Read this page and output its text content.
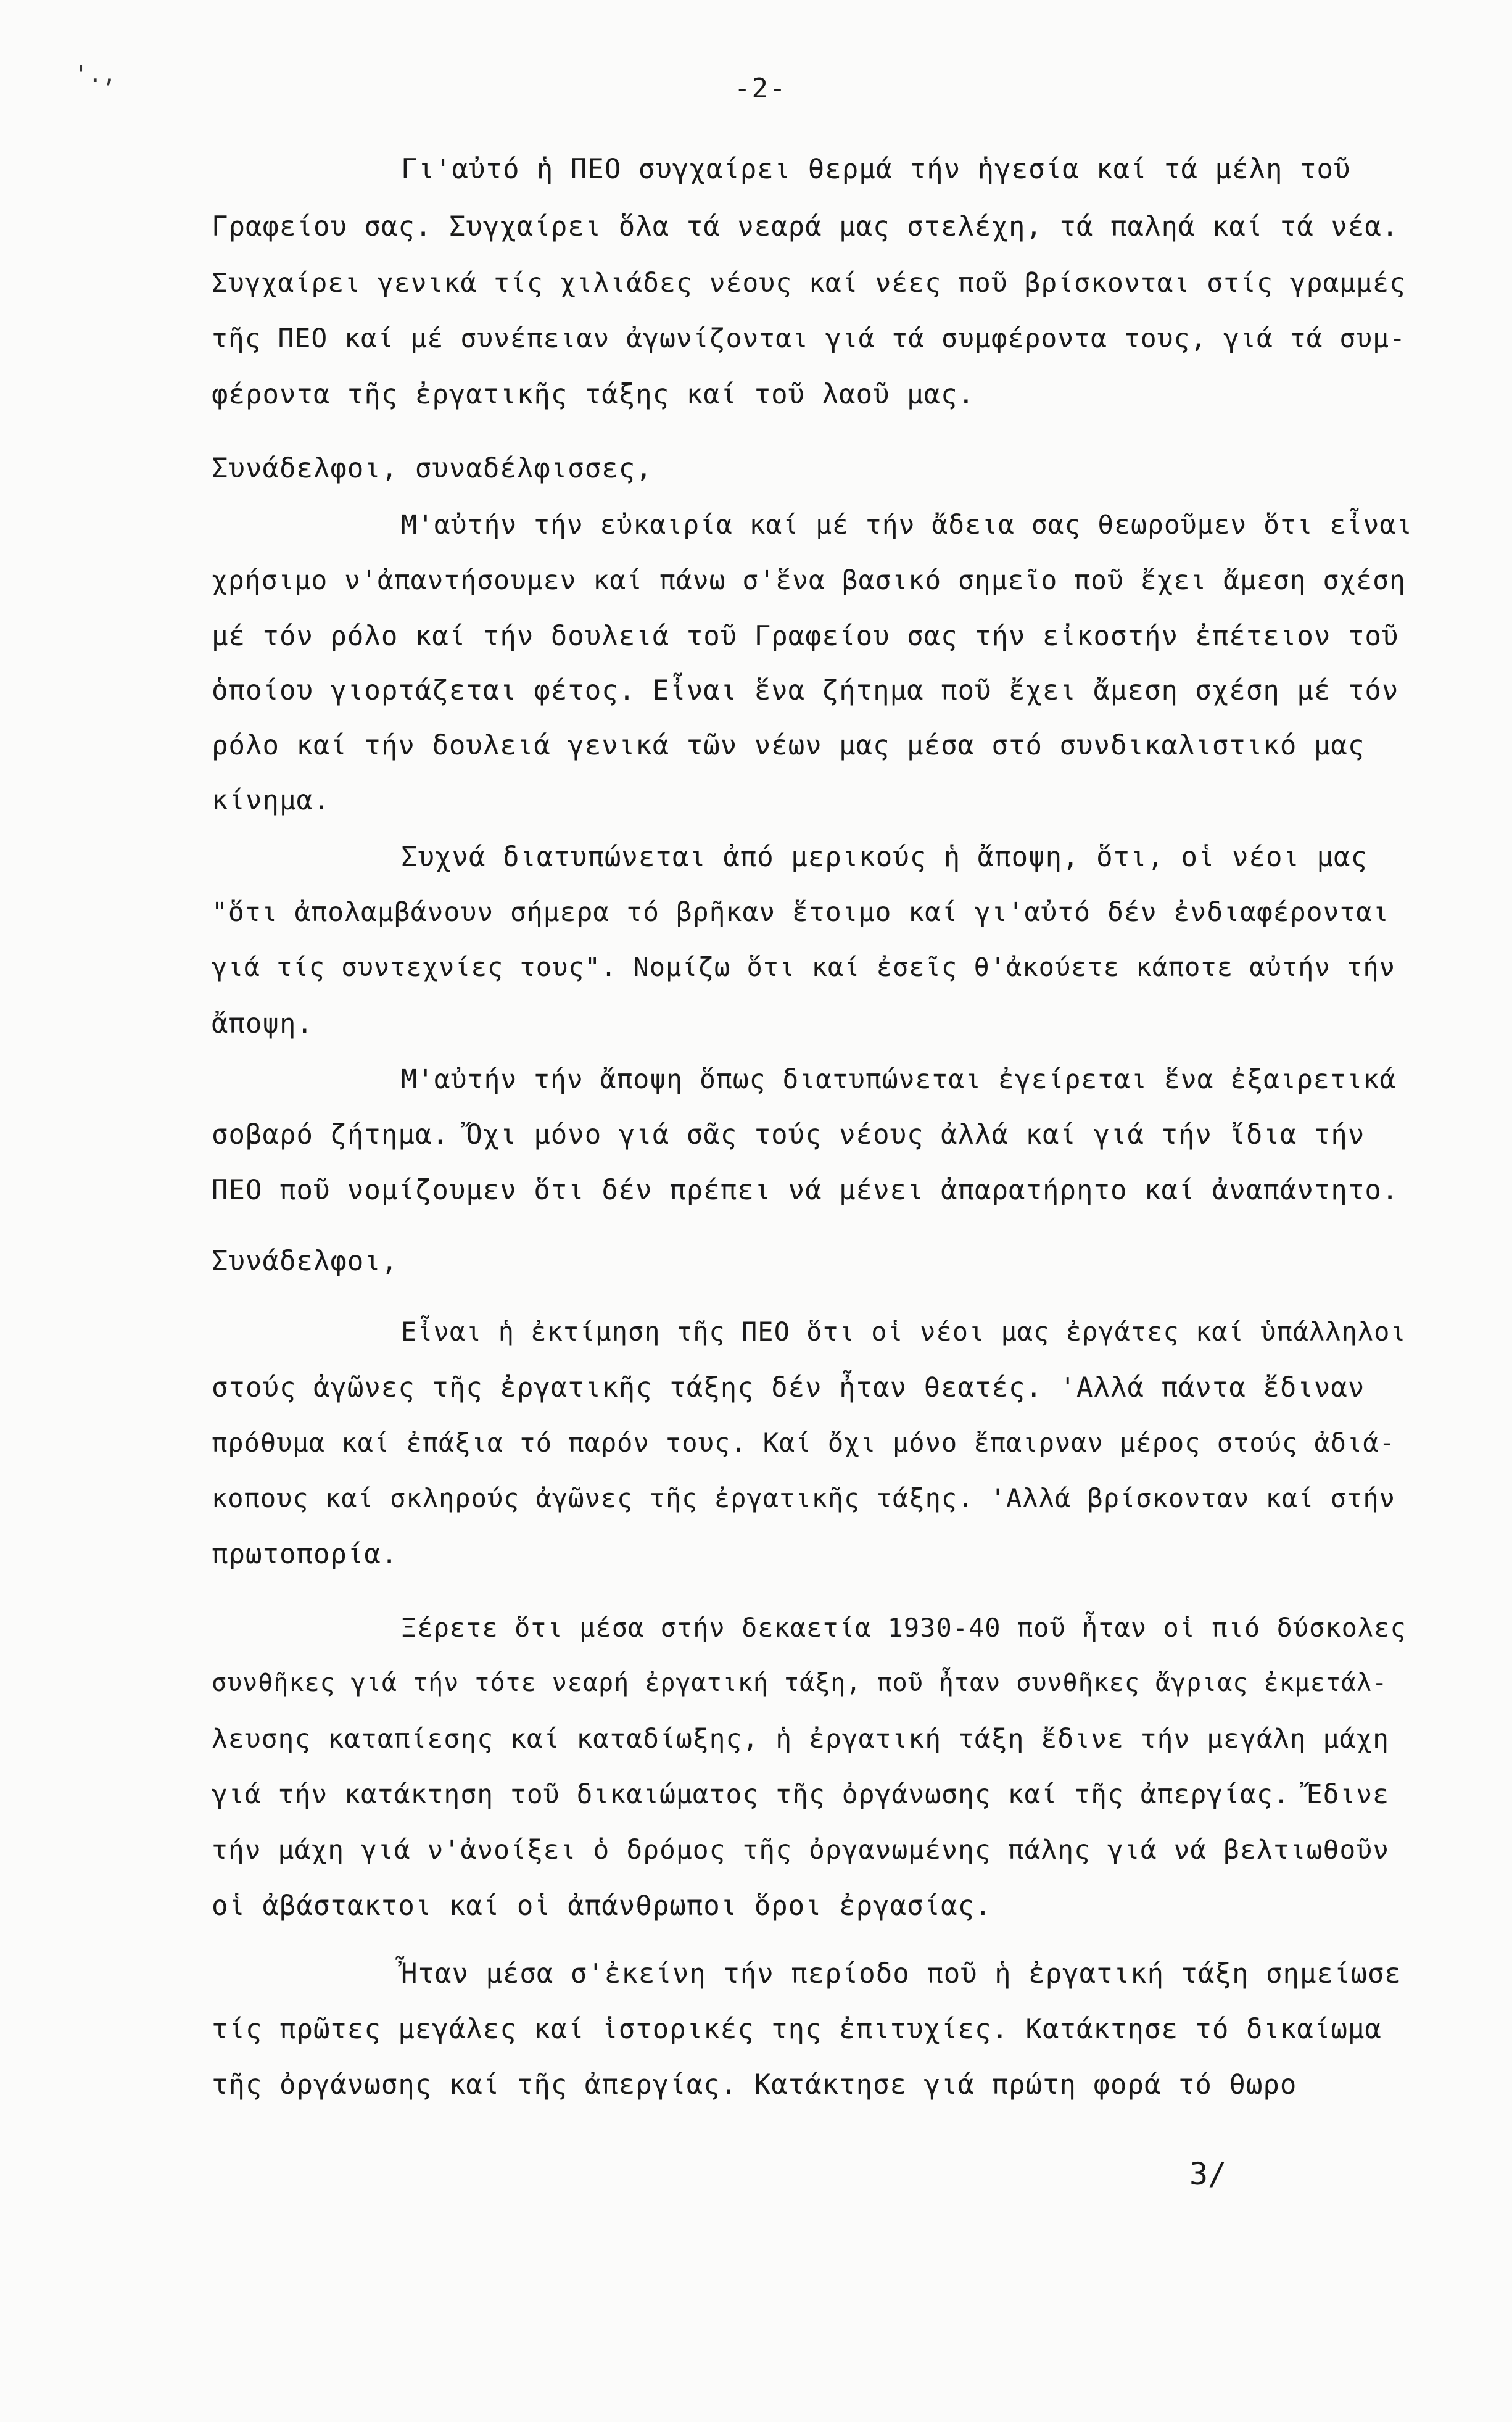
'.,	-2-
Γι'αὐτό ἡ ΠΕΟ συγχαίρει θερμά τήν ἡγεσία καί τά μέλη τοῦ
Γραφείου σας. Συγχαίρει ὅλα τά νεαρά μας στελέχη, τά παληά καί τά νέα.
Συγχαίρει γενικά τίς χιλιάδες νέους καί νέες ποῦ βρίσκονται στίς γραμμές
τῆς ΠΕΟ καί μέ συνέπειαν ἀγωνίζονται γιά τά συμφέροντα τους, γιά τά συμ-
φέροντα τῆς ἐργατικῆς τάξης καί τοῦ λαοῦ μας.
Συνάδελφοι, συναδέλφισσες,
Μ'αὐτήν τήν εὐκαιρία καί μέ τήν ἄδεια σας θεωροῦμεν ὅτι εἶναι
χρήσιμο ν'ἀπαντήσουμεν καί πάνω σ'ἕνα βασικό σημεῖο ποῦ ἔχει ἄμεση σχέση
μέ τόν ρόλο καί τήν δουλειά τοῦ Γραφείου σας τήν εἰκοστήν ἐπέτειον τοῦ
ὁποίου γιορτάζεται φέτος. Εἶναι ἕνα ζήτημα ποῦ ἔχει ἄμεση σχέση μέ τόν
ρόλο καί τήν δουλειά γενικά τῶν νέων μας μέσα στό συνδικαλιστικό μας
κίνημα.
Συχνά διατυπώνεται ἀπό μερικούς ἡ ἄποψη, ὅτι, οἱ νέοι μας
"ὅτι ἀπολαμβάνουν σήμερα τό βρῆκαν ἕτοιμο καί γι'αὐτό δέν ἐνδιαφέρονται
γιά τίς συντεχνίες τους". Νομίζω ὅτι καί ἐσεῖς θ'ἀκούετε κάποτε αὐτήν τήν
ἄποψη.
Μ'αὐτήν τήν ἄποψη ὅπως διατυπώνεται ἐγείρεται ἕνα ἐξαιρετικά
σοβαρό ζήτημα. Ὄχι μόνο γιά σᾶς τούς νέους ἀλλά καί γιά τήν ἴδια τήν
ΠΕΟ ποῦ νομίζουμεν ὅτι δέν πρέπει νά μένει ἀπαρατήρητο καί ἀναπάντητο.
Συνάδελφοι,
Εἶναι ἡ ἐκτίμηση τῆς ΠΕΟ ὅτι οἱ νέοι μας ἐργάτες καί ὑπάλληλοι
στούς ἀγῶνες τῆς ἐργατικῆς τάξης δέν ἦταν θεατές. 'Αλλά πάντα ἔδιναν
πρόθυμα καί ἐπάξια τό παρόν τους. Καί ὄχι μόνο ἔπαιρναν μέρος στούς ἀδιά-
κοπους καί σκληρούς ἀγῶνες τῆς ἐργατικῆς τάξης. 'Αλλά βρίσκονταν καί στήν
πρωτοπορία.
Ξέρετε ὅτι μέσα στήν δεκαετία 1930-40 ποῦ ἦταν οἱ πιό δύσκολες
συνθῆκες γιά τήν τότε νεαρή ἐργατική τάξη, ποῦ ἦταν συνθῆκες ἄγριας ἐκμετάλ-
λευσης καταπίεσης καί καταδίωξης, ἡ ἐργατική τάξη ἔδινε τήν μεγάλη μάχη
γιά τήν κατάκτηση τοῦ δικαιώματος τῆς ὀργάνωσης καί τῆς ἀπεργίας. Ἔδινε
τήν μάχη γιά ν'ἀνοίξει ὁ δρόμος τῆς ὀργανωμένης πάλης γιά νά βελτιωθοῦν
οἱ ἀβάστακτοι καί οἱ ἀπάνθρωποι ὅροι ἐργασίας.
Ἦταν μέσα σ'ἐκείνη τήν περίοδο ποῦ ἡ ἐργατική τάξη σημείωσε
τίς πρῶτες μεγάλες καί ἱστορικές της ἐπιτυχίες. Κατάκτησε τό δικαίωμα
τῆς ὀργάνωσης καί τῆς ἀπεργίας. Κατάκτησε γιά πρώτη φορά τό θωρο
3/
